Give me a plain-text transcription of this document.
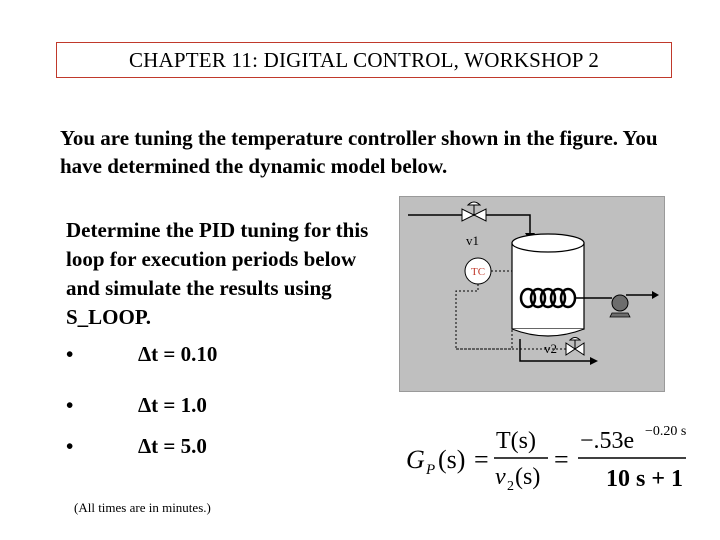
CHAPTER 11: DIGITAL CONTROL, WORKSHOP 2
You are tuning the temperature controller shown in the figure. You have determined the dynamic model below.
Determine the PID tuning for this loop for execution periods below and simulate the results using S_LOOP.
•	Δt = 0.10
•	Δt = 1.0
•	Δt = 5.0
(All times are in minutes.)
v1
TC
v2
G P (s) =
T(s)
v 2 (s)
=
−.53e −0.20 s
10 s + 1
